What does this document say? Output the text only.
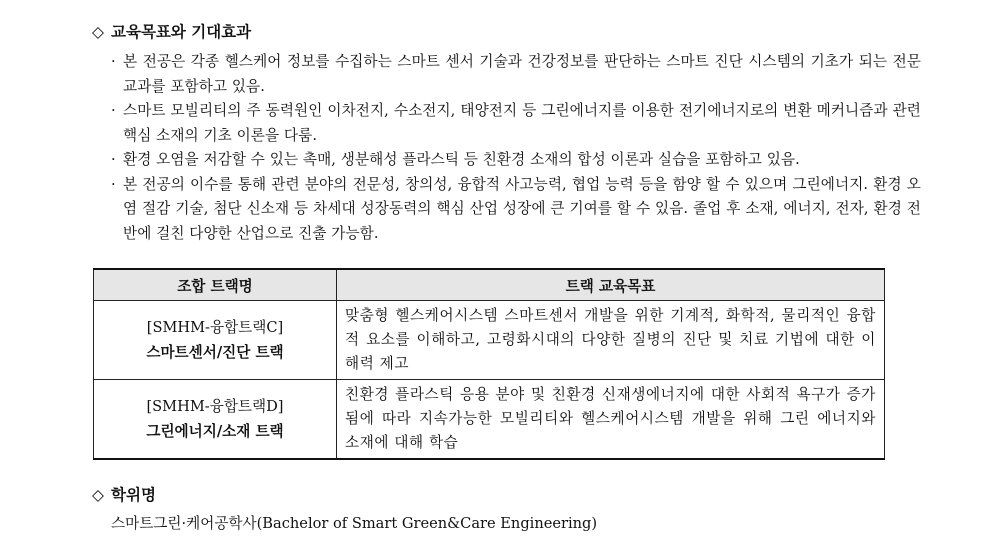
◇ 교육목표와 기대효과
· 본 전공은 각종 헬스케어 정보를 수집하는 스마트 센서 기술과 건강정보를 판단하는 스마트 진단 시스템의 기초가 되는 전문 교과를 포함하고 있음.
· 스마트 모빌리티의 주 동력원인 이차전지, 수소전지, 태양전지 등 그린에너지를 이용한 전기에너지로의 변환 메커니즘과 관련 핵심 소재의 기초 이론을 다룸.
· 환경 오염을 저감할 수 있는 촉매, 생분해성 플라스틱 등 친환경 소재의 합성 이론과 실습을 포함하고 있음.
· 본 전공의 이수를 통해 관련 분야의 전문성, 창의성, 융합적 사고능력, 협업 능력 등을 함양 할 수 있으며 그린에너지. 환경 오염 절감 기술, 첨단 신소재 등 차세대 성장동력의 핵심 산업 성장에 큰 기여를 할 수 있음. 졸업 후 소재, 에너지, 전자, 환경 전반에 걸친 다양한 산업으로 진출 가능함.
조합 트랙명	트랙 교육목표

[SMHM-융합트랙C]
스마트센서/진단 트랙	맞춤형 헬스케어시스템 스마트센서 개발을 위한 기계적, 화학적, 물리적인 융합적 요소를 이해하고, 고령화시대의 다양한 질병의 진단 및 치료 기법에 대한 이해력 제고

[SMHM-융합트랙D]
그린에너지/소재 트랙	친환경 플라스틱 응용 분야 및 친환경 신재생에너지에 대한 사회적 욕구가 증가됨에 따라 지속가능한 모빌리티와 헬스케어시스템 개발을 위해 그린 에너지와 소재에 대해 학습
◇ 학위명
스마트그린·케어공학사(Bachelor of Smart Green&Care Engineering)
